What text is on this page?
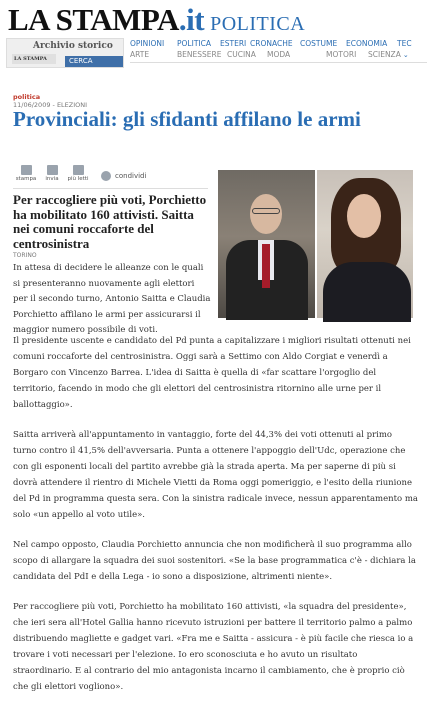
LA STAMPA.it POLITICA
Archivio storico
LA STAMPA	CERCA
OPINIONI	POLITICA	ESTERI CRONACHE COSTUME	ECONOMIA	TEC
ARTE	BENESSERE CUCINA	MODA	MOTORI	SCIENZA ⌄
politica
11/06/2009 - ELEZIONI
Provinciali: gli sfidanti affilano le armi
stampa	invia	più letti	condividi
Per raccogliere più voti, Porchietto ha mobilitato 160 attivisti. Saitta nei comuni roccaforte del centrosinistra
TORINO

In attesa di decidere le alleanze con le quali si presenteranno nuovamente agli elettori per il secondo turno, Antonio Saitta e Claudia Porchietto affilano le armi per assicurarsi il maggior numero possibile di voti.

Il presidente uscente e candidato del Pd punta a capitalizzare i migliori risultati ottenuti nei comuni roccaforte del centrosinistra. Oggi sarà a Settimo con Aldo Corgiat e venerdì a Borgaro con Vincenzo Barrea. L'idea di Saitta è quella di «far scattare l'orgoglio del territorio, facendo in modo che gli elettori del centrosinistra ritornino alle urne per il ballottaggio».

Saitta arriverà all'appuntamento in vantaggio, forte del 44,3% dei voti ottenuti al primo turno contro il 41,5% dell'avversaria. Punta a ottenere l'appoggio dell'Udc, operazione che con gli esponenti locali del partito avrebbe già la strada aperta. Ma per saperne di più si dovrà attendere il rientro di Michele Vietti da Roma oggi pomeriggio, e l'esito della riunione del Pd in programma questa sera. Con la sinistra radicale invece, nessun apparentamento ma solo «un appello al voto utile».

Nel campo opposto, Claudia Porchietto annuncia che non modificherà il suo programma allo scopo di allargare la squadra dei suoi sostenitori. «Se la base programmatica c'è - dichiara la candidata del PdI e della Lega - io sono a disposizione, altrimenti niente».

Per raccogliere più voti, Porchietto ha mobilitato 160 attivisti, «la squadra del presidente», che ieri sera all'Hotel Gallia hanno ricevuto istruzioni per battere il territorio palmo a palmo distribuendo magliette e gadget vari. «Fra me e Saitta - assicura - è più facile che riesca io a trovare i voti necessari per l'elezione. Io ero sconosciuta e ho avuto un risultato straordinario. E al contrario del mio antagonista incarno il cambiamento, che è proprio ciò che gli elettori vogliono».
